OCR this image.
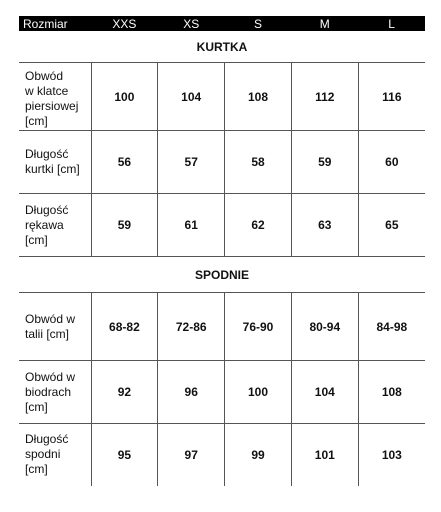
Rozmiar	XXS	XS	S	M	L
KURTKA					

Obwód
w klatce
piersiowej
[cm]	100	104	108	112	116

Długość
kurtki [cm]	56	57	58	59	60

Długość
rękawa
[cm]	59	61	62	63	65
SPODNIE					

Obwód w
talii [cm]	68-82	72-86	76-90	80-94	84-98

Obwód w
biodrach
[cm]	92	96	100	104	108

Długość
spodni
[cm]	95	97	99	101	103
